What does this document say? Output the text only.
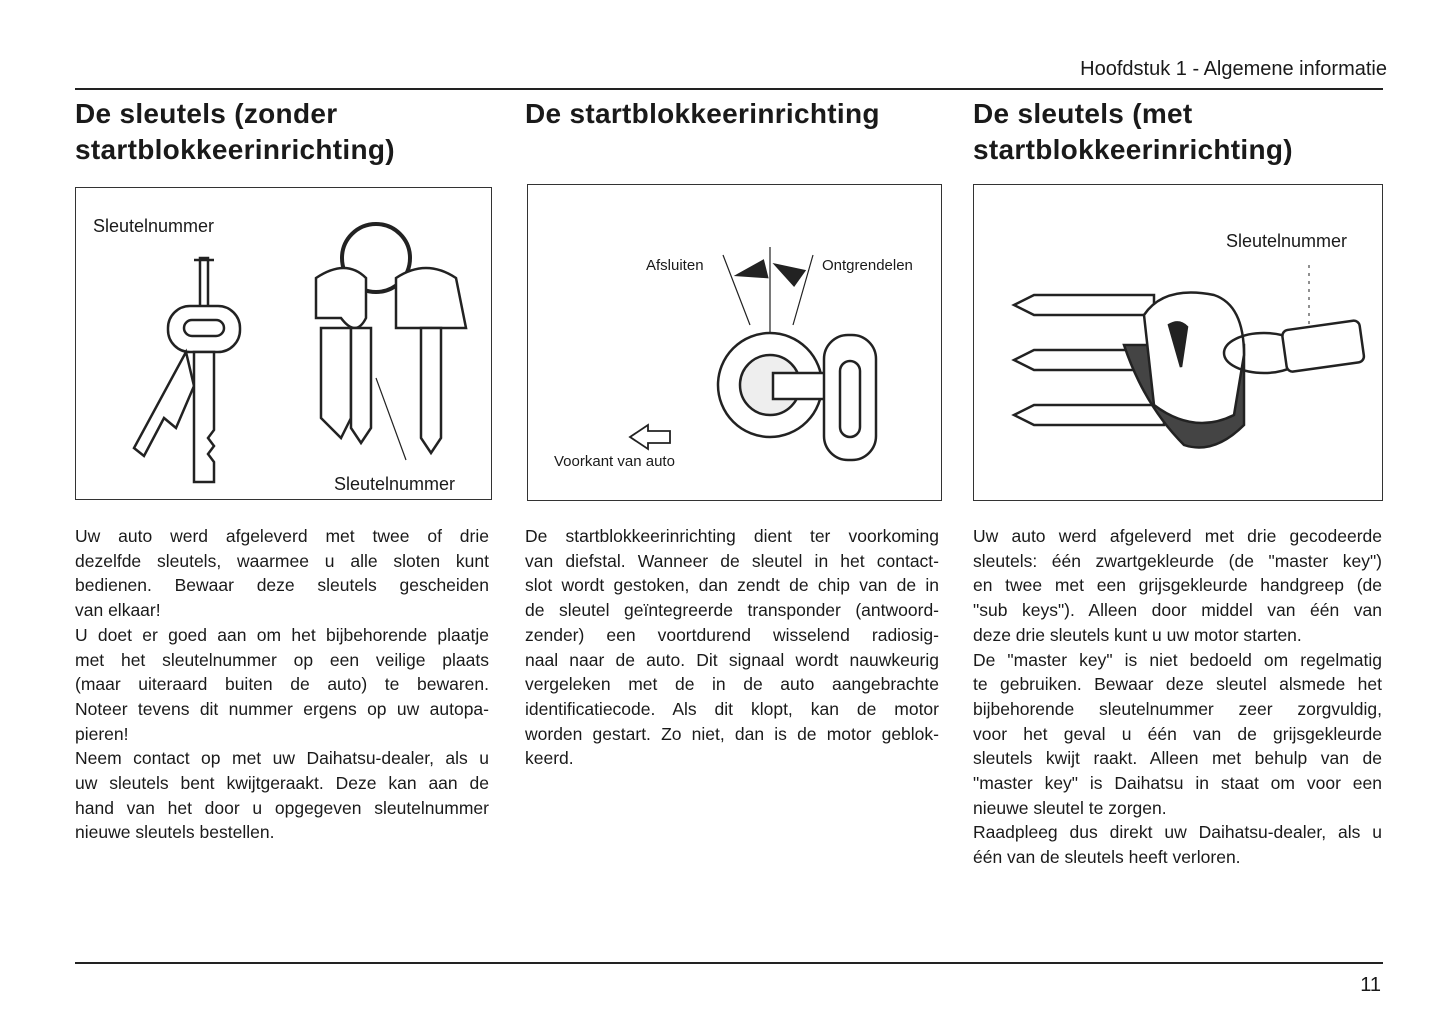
Hoofdstuk 1 - Algemene informatie
De sleutels (zonder
startblokkeerinrichting)
Sleutelnummer
Sleutelnummer
Uw auto werd afgeleverd met twee of drie
dezelfde sleutels, waarmee u alle sloten kunt
bedienen. Bewaar deze sleutels gescheiden
van elkaar!
U doet er goed aan om het bijbehorende plaatje
met het sleutelnummer op een veilige plaats
(maar uiteraard buiten de auto) te bewaren.
Noteer tevens dit nummer ergens op uw autopa-
pieren!
Neem contact op met uw Daihatsu-dealer, als u
uw sleutels bent kwijtgeraakt. Deze kan aan de
hand van het door u opgegeven sleutelnummer
nieuwe sleutels bestellen.
De startblokkeerinrichting
Afsluiten	Ontgrendelen
Voorkant van auto
De startblokkeerinrichting dient ter voorkoming
van diefstal. Wanneer de sleutel in het contact-
slot wordt gestoken, dan zendt de chip van de in
de sleutel geïntegreerde transponder (antwoord-
zender) een voortdurend wisselend radiosig-
naal naar de auto. Dit signaal wordt nauwkeurig
vergeleken met de in de auto aangebrachte
identificatiecode. Als dit klopt, kan de motor
worden gestart. Zo niet, dan is de motor geblok-
keerd.
De sleutels (met
startblokkeerinrichting)
Sleutelnummer
Uw auto werd afgeleverd met drie gecodeerde
sleutels: één zwartgekleurde (de "master key")
en twee met een grijsgekleurde handgreep (de
"sub keys"). Alleen door middel van één van
deze drie sleutels kunt u uw motor starten.
De "master key" is niet bedoeld om regelmatig
te gebruiken. Bewaar deze sleutel alsmede het
bijbehorende sleutelnummer zeer zorgvuldig,
voor het geval u één van de grijsgekleurde
sleutels kwijt raakt. Alleen met behulp van de
"master key" is Daihatsu in staat om voor een
nieuwe sleutel te zorgen.
Raadpleeg dus direkt uw Daihatsu-dealer, als u
één van de sleutels heeft verloren.
11
